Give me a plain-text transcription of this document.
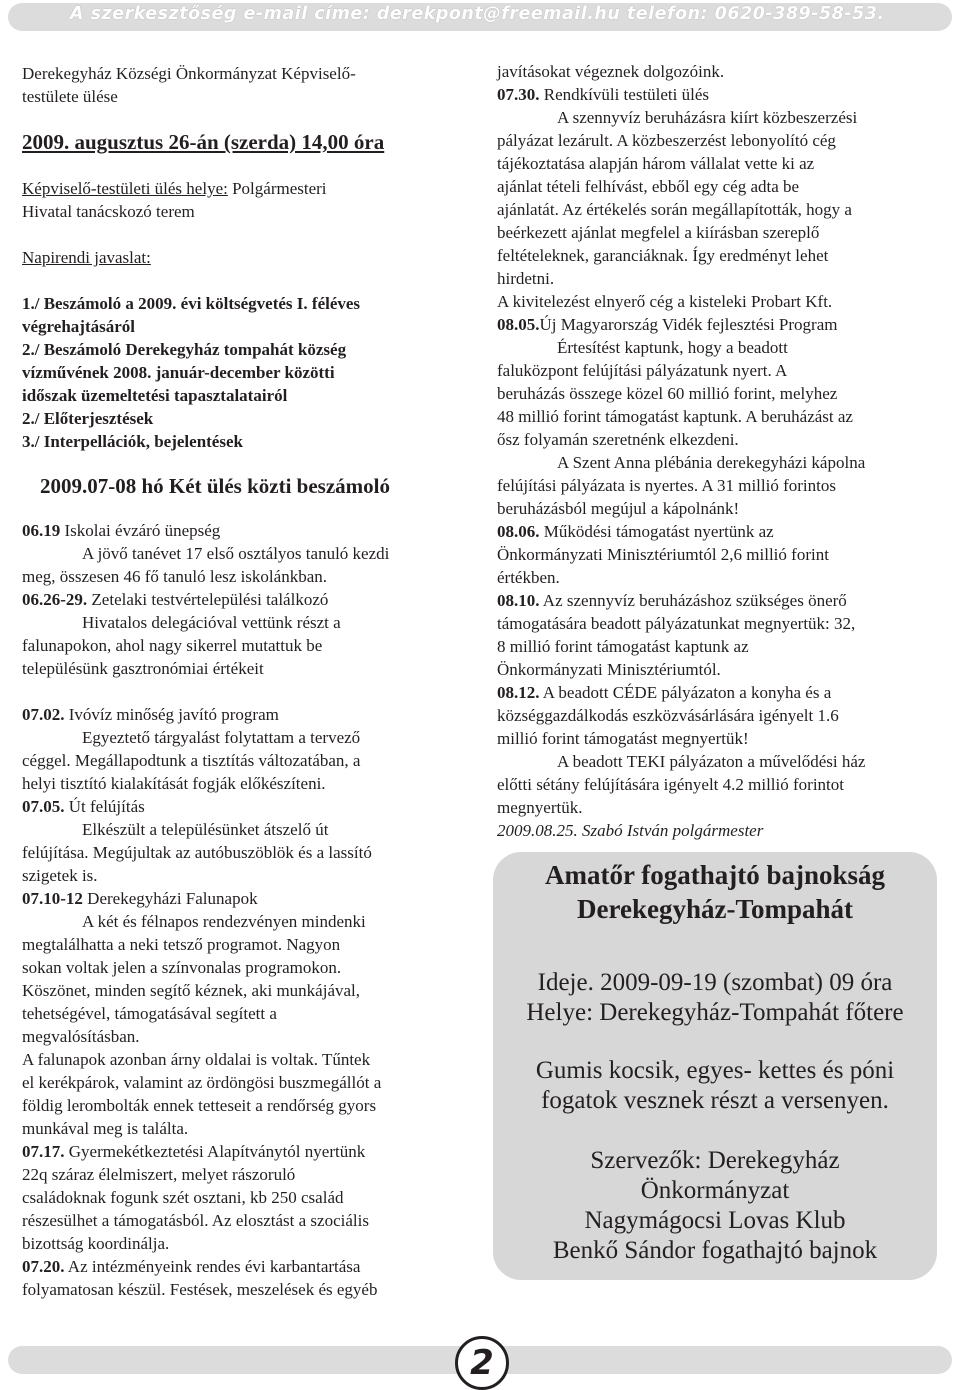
A szerkesztőség e-mail címe: derekpont@freemail.hu telefon: 0620-389-58-53.
Derekegyház Községi Önkormányzat Képviselő-
testülete ülése
2009. augusztus 26-án (szerda) 14,00 óra
Képviselő-testületi ülés helye: Polgármesteri
Hivatal tanácskozó terem
Napirendi javaslat:
1./ Beszámoló a 2009. évi költségvetés I. féléves
végrehajtásáról
2./ Beszámoló Derekegyház tompahát község
vízművének 2008. január-december közötti
időszak üzemeltetési tapasztalatairól
2./ Előterjesztések
3./ Interpellációk, bejelentések
2009.07-08 hó Két ülés közti beszámoló
06.19 Iskolai évzáró ünepség
A jövő tanévet 17 első osztályos tanuló kezdi
meg, összesen 46 fő tanuló lesz iskolánkban.
06.26-29. Zetelaki testvértelepülési találkozó
Hivatalos delegációval vettünk részt a
falunapokon, ahol nagy sikerrel mutattuk be
településünk gasztronómiai értékeit
07.02. Ivóvíz minőség javító program
Egyeztető tárgyalást folytattam a tervező
céggel. Megállapodtunk a tisztítás változatában, a
helyi tisztító kialakítását fogják előkészíteni.
07.05. Út felújítás
Elkészült a településünket átszelő út
felújítása. Megújultak az autóbuszöblök és a lassító
szigetek is.
07.10-12 Derekegyházi Falunapok
A két és félnapos rendezvényen mindenki
megtalálhatta a neki tetsző programot. Nagyon
sokan voltak jelen a színvonalas programokon.
Köszönet, minden segítő kéznek, aki munkájával,
tehetségével, támogatásával segített a
megvalósításban.
A falunapok azonban árny oldalai is voltak. Tűntek
el kerékpárok, valamint az ördöngösi buszmegállót a
földig lerombolták ennek tetteseit a rendőrség gyors
munkával meg is találta.
07.17. Gyermekétkeztetési Alapítványtól nyertünk
22q száraz élelmiszert, melyet rászoruló
családoknak fogunk szét osztani, kb 250 család
részesülhet a támogatásból. Az elosztást a szociális
bizottság koordinálja.
07.20. Az intézményeink rendes évi karbantartása
folyamatosan készül. Festések, meszelések és egyéb
javításokat végeznek dolgozóink.
07.30. Rendkívüli testületi ülés
A szennyvíz beruházásra kiírt közbeszerzési
pályázat lezárult. A közbeszerzést lebonyolító cég
tájékoztatása alapján három vállalat vette ki az
ajánlat tételi felhívást, ebből egy cég adta be
ajánlatát. Az értékelés során megállapították, hogy a
beérkezett ajánlat megfelel a kiírásban szereplő
feltételeknek, garanciáknak. Így eredményt lehet
hirdetni.
A kivitelezést elnyerő cég a kisteleki Probart Kft.
08.05.Új Magyarország Vidék fejlesztési Program
Értesítést kaptunk, hogy a beadott
faluközpont felújítási pályázatunk nyert. A
beruházás összege közel 60 millió forint, melyhez
48 millió forint támogatást kaptunk. A beruházást az
ősz folyamán szeretnénk elkezdeni.
A Szent Anna plébánia derekegyházi kápolna
felújítási pályázata is nyertes. A 31 millió forintos
beruházásból megújul a kápolnánk!
08.06. Működési támogatást nyertünk az
Önkormányzati Minisztériumtól 2,6 millió forint
értékben.
08.10. Az szennyvíz beruházáshoz szükséges önerő
támogatására beadott pályázatunkat megnyertük: 32,
8 millió forint támogatást kaptunk az
Önkormányzati Minisztériumtól.
08.12. A beadott CÉDE pályázaton a konyha és a
községgazdálkodás eszközvásárlására igényelt 1.6
millió forint támogatást megnyertük!
A beadott TEKI pályázaton a művelődési ház
előtti sétány felújítására igényelt 4.2 millió forintot
megnyertük.
2009.08.25. Szabó István polgármester
Amatőr fogathajtó bajnokság
Derekegyház-Tompahát
Ideje. 2009-09-19 (szombat) 09 óra
Helye: Derekegyház-Tompahát főtere
Gumis kocsik, egyes- kettes és póni
fogatok vesznek részt a versenyen.
Szervezők: Derekegyház
Önkormányzat
Nagymágocsi Lovas Klub
Benkő Sándor fogathajtó bajnok
2
